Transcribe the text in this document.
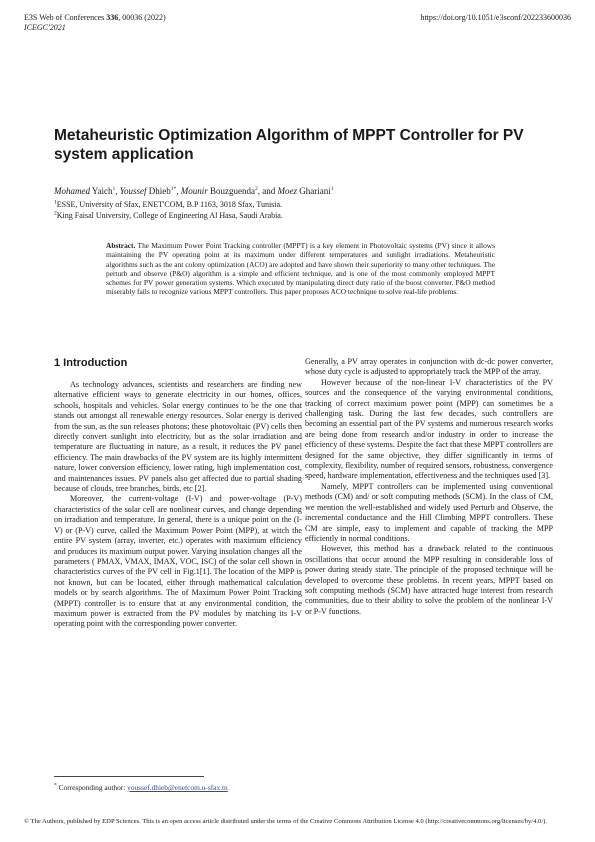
E3S Web of Conferences 336, 00036 (2022)
ICEGC'2021
https://doi.org/10.1051/e3sconf/202233600036
Metaheuristic Optimization Algorithm of MPPT Controller for PV system application
Mohamed Yaich$^1$, Youssef Dhieb$^{1*}$, Mounir Bouzguenda$^2$, and Moez Ghariani$^1$
$^1$ESSE, University of Sfax, ENET'COM, B.P 1163, 3018 Sfax, Tunisia.
$^2$King Faisal University, College of Engineering Al Hasa, Saudi Arabia.
Abstract. The Maximum Power Point Tracking controller (MPPT) is a key element in Photovoltaic systems (PV) since it allows maintaining the PV operating point at its maximum under different temperatures and sunlight irradiations. Metaheuristic algorithms such as the ant colony optimization (ACO) are adopted and have shown their superiority to many other techniques. The perturb and observe (P&O) algorithm is a simple and efficient technique, and is one of the most commonly employed MPPT schemes for PV power generation systems. Which executed by manipulating direct duty ratio of the boost converter. P&O method miserably fails to recognize various MPPT controllers. This paper proposes ACO technique to solve real-life problems.
1 Introduction

As technology advances, scientists and researchers are finding new alternative efficient ways to generate electricity in our homes, offices, schools, hospitals and vehicles. Solar energy continues to be the one that stands out amongst all renewable energy resources. Solar energy is derived from the sun, as the sun releases photons; these photovoltaic (PV) cells then directly convert sunlight into electricity, but as the solar irradiation and temperature are fluctuating in nature, as a result, it reduces the PV panel efficiency. The main drawbacks of the PV system are its highly intermittent nature, lower conversion efficiency, lower rating, high implementation cost, and maintenances issues. PV panels also get affected due to partial shading because of clouds, tree branches, birds, etc [2].

Moreover, the current-voltage (I-V) and power-voltage (P-V) characteristics of the solar cell are nonlinear curves, and change depending on irradiation and temperature. In general, there is a unique point on the (I-V) or (P-V) curve, called the Maximum Power Point (MPP), at witch the entire PV system (array, inverter, etc.) operates with maximum efficiency and produces its maximum output power. Varying insolation changes all the parameters ( PMAX, VMAX, IMAX, VOC, ISC) of the solar cell shown in characteristics curves of the PV cell in Fig.1[1]. The location of the MPP is not known, but can be located, either through mathematical calculation models or by search algorithms. The of Maximum Power Point Tracking (MPPT) controller is to ensure that at any environmental condition, the maximum power is extracted from the PV modules by matching its I-V operating point with the corresponding power converter.

Generally, a PV array operates in conjunction with dc-dc power converter, whose duty cycle is adjusted to appropriately track the MPP of the array.

However because of the non-linear I-V characteristics of the PV sources and the consequence of the varying environmental conditions, tracking of correct maximum power point (MPP) can sometimes be a challenging task. During the last few decades, such controllers are becoming an essential part of the PV systems and numerous research works are being done from research and/or industry in order to increase the efficiency of these systems. Despite the fact that these MPPT controllers are designed for the same objective, they differ significantly in terms of complexity, flexibility, number of required sensors, robustness, convergence speed, hardware implementation, effectiveness and the techniques used [3].

Namely, MPPT controllers can be implemented using conventional methods (CM) and/ or soft computing methods (SCM). In the class of CM, we mention the well-established and widely used Perturb and Observe, the incremental conductance and the Hill Climbing MPPT controllers. These CM are simple, easy to implement and capable of tracking the MPP efficiently in normal conditions.

However, this method has a drawback related to the continuous oscillations that occur around the MPP resulting in considerable loss of power during steady state. The principle of the proposed technique will be developed to overcome these problems. In recent years, MPPT based on soft computing methods (SCM) have attracted huge interest from research communities, due to their ability to solve the problem of the nonlinear I-V or P-V functions.

* Corresponding author: youssef.dhieb@enetcom.u-sfax.tn
© The Authors, published by EDP Sciences. This is an open access article distributed under the terms of the Creative Commons Attribution License 4.0 (http://creativecommons.org/licenses/by/4.0/).
